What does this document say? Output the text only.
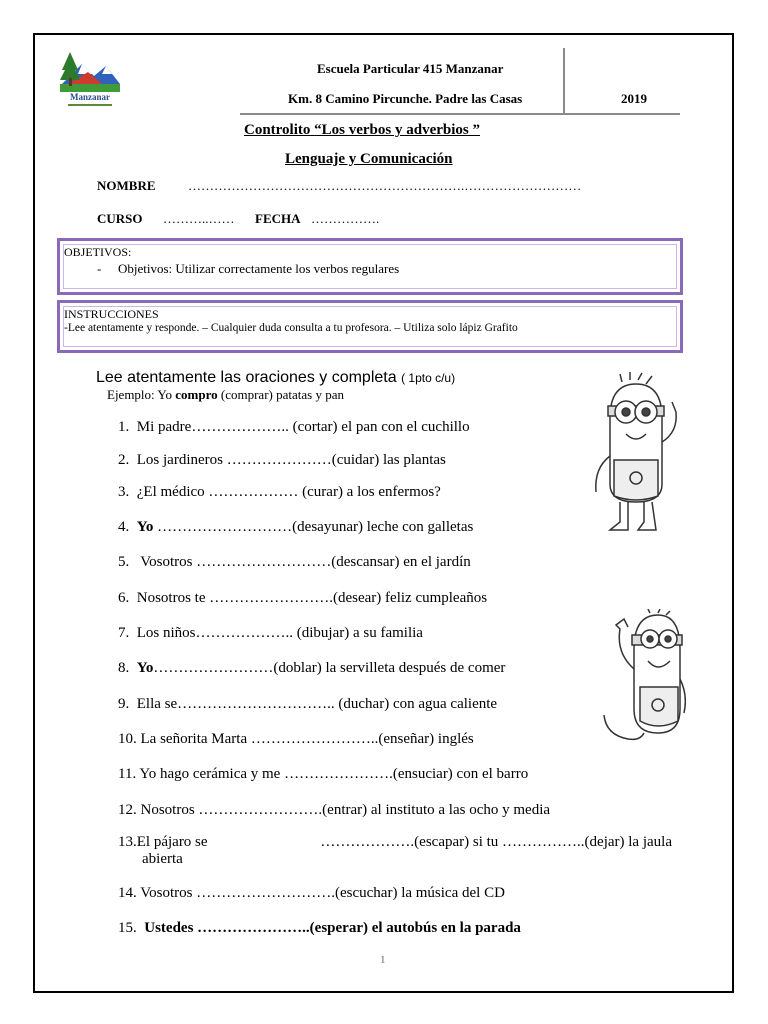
Manzanar
Escuela Particular 415 Manzanar
Km. 8 Camino Pircunche. Padre las Casas	2019
Controlito “Los verbos y adverbios ”
Lenguaje y Comunicación
NOMBRE	……………………………………………………….………………………
CURSO ………..…… FECHA …………….
OBJETIVOS:
- Objetivos: Utilizar correctamente los verbos regulares
INSTRUCCIONES
-Lee atentamente y responde. – Cualquier duda consulta a tu profesora. – Utiliza solo lápiz Grafito
Lee atentamente las oraciones y completa ( 1pto c/u)
Ejemplo: Yo compro (comprar) patatas y pan
1. Mi padre……………….. (cortar) el pan con el cuchillo
2. Los jardineros …………………(cuidar) las plantas
3. ¿El médico ……………… (curar) a los enfermos?
4. Yo ………………………(desayunar) leche con galletas
5. Vosotros ………………………(descansar) en el jardín
6. Nosotros te …………………….(desear) feliz cumpleaños
7. Los niños……………….. (dibujar) a su familia
8. Yo……………………(doblar) la servilleta después de comer
9. Ella se………………………….. (duchar) con agua caliente
10. La señorita Marta ……………………..(enseñar) inglés
11. Yo hago cerámica y me ………………….(ensuciar) con el barro
12. Nosotros …………………….(entrar) al instituto a las ocho y media
13.El pájaro se	……………….(escapar) si tu ……………..(dejar) la jaula
abierta
14. Vosotros ……………………….(escuchar) la música del CD
15. Ustedes …………………..(esperar) el autobús en la parada
1
